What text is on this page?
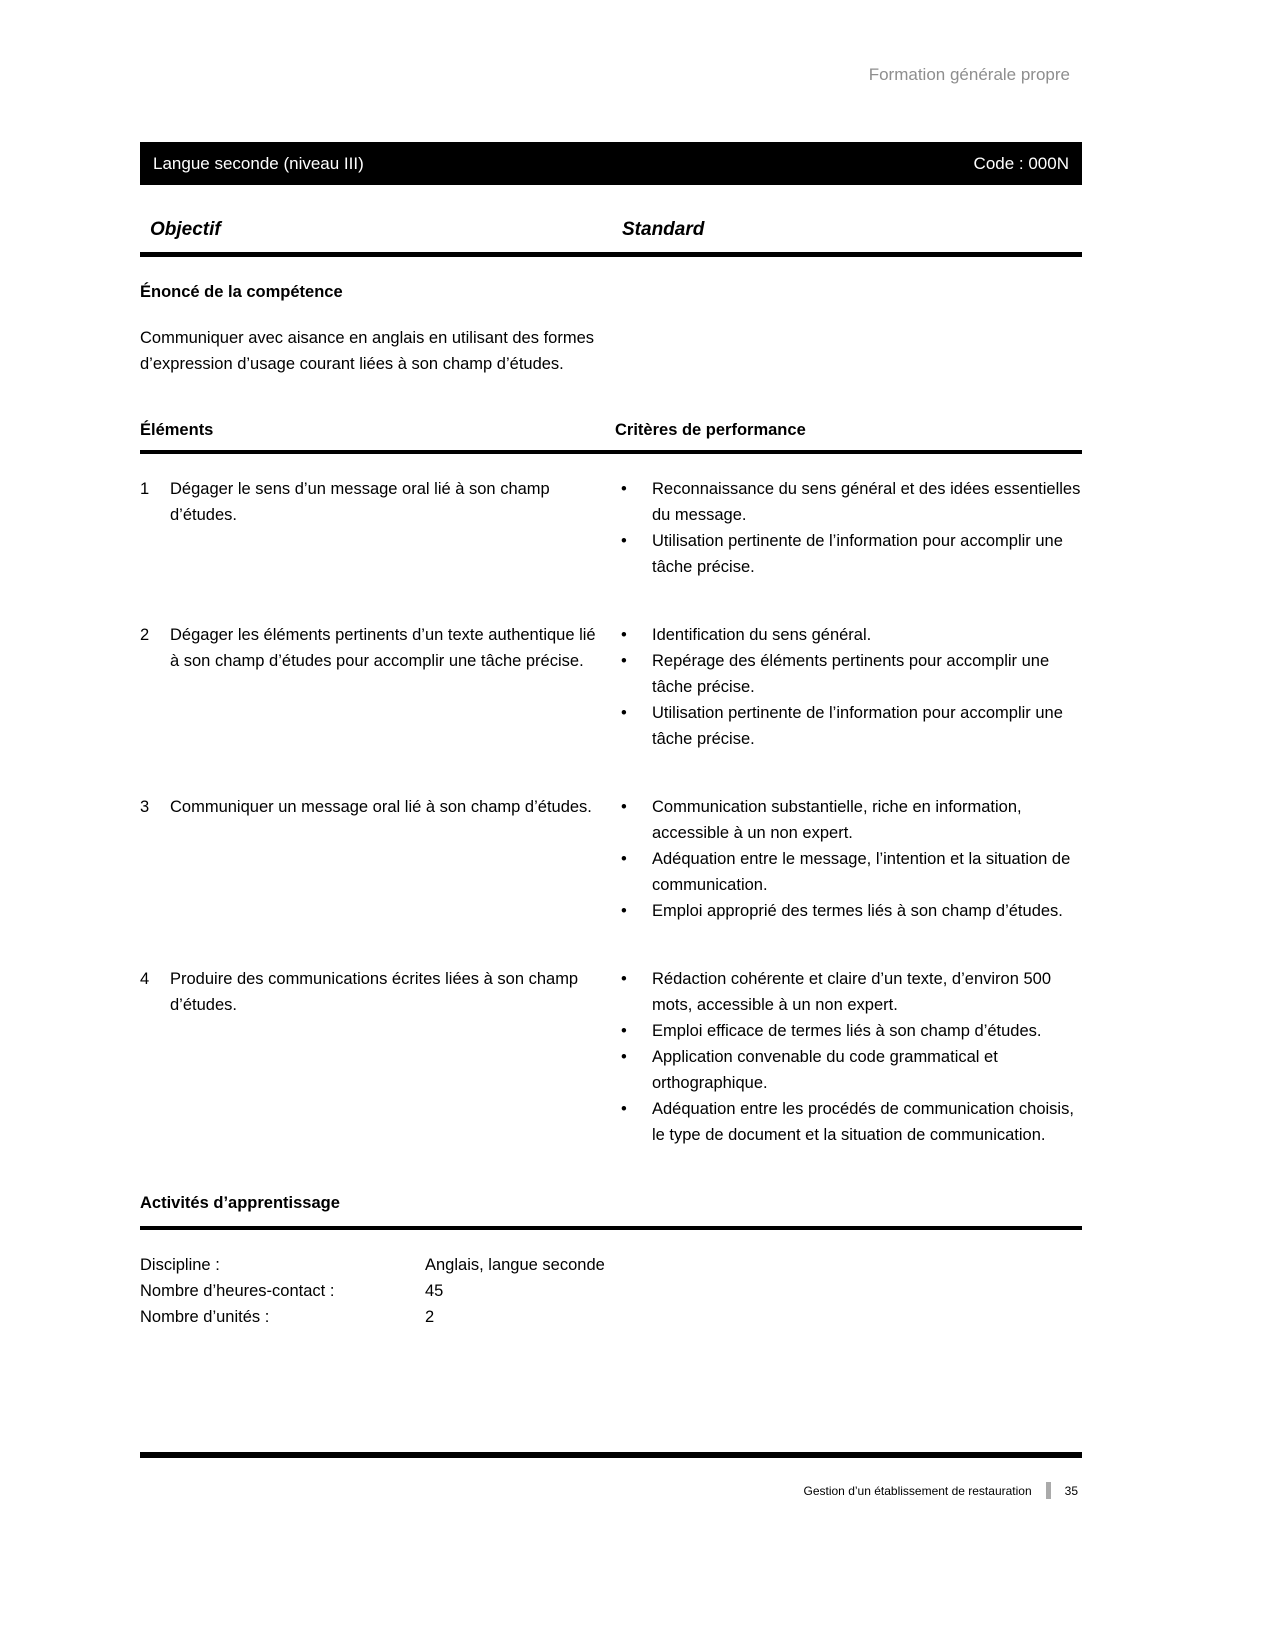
Formation générale propre
Langue seconde (niveau III)	Code : 000N
Objectif	Standard
Énoncé de la compétence
Communiquer avec aisance en anglais en utilisant des formes d’expression d’usage courant liées à son champ d’études.
Éléments	Critères de performance
1	Dégager le sens d’un message oral lié à son champ d’études.
•	Reconnaissance du sens général et des idées essentielles du message.
•	Utilisation pertinente de l’information pour accomplir une tâche précise.
2	Dégager les éléments pertinents d’un texte authentique lié à son champ d’études pour accomplir une tâche précise.
•	Identification du sens général.
•	Repérage des éléments pertinents pour accomplir une tâche précise.
•	Utilisation pertinente de l’information pour accomplir une tâche précise.
3	Communiquer un message oral lié à son champ d’études.	•	Communication substantielle, riche en information, accessible à un non expert.
•	Adéquation entre le message, l’intention et la situation de communication.
•	Emploi approprié des termes liés à son champ d’études.
4	Produire des communications écrites liées à son champ d’études.
•	Rédaction cohérente et claire d’un texte, d’environ 500 mots, accessible à un non expert.
•	Emploi efficace de termes liés à son champ d’études.
•	Application convenable du code grammatical et orthographique.
•	Adéquation entre les procédés de communication choisis, le type de document et la situation de communication.
Activités d’apprentissage
Discipline :	Anglais, langue seconde
Nombre d’heures-contact :	45
Nombre d’unités :	2
Gestion d’un établissement de restauration	35
